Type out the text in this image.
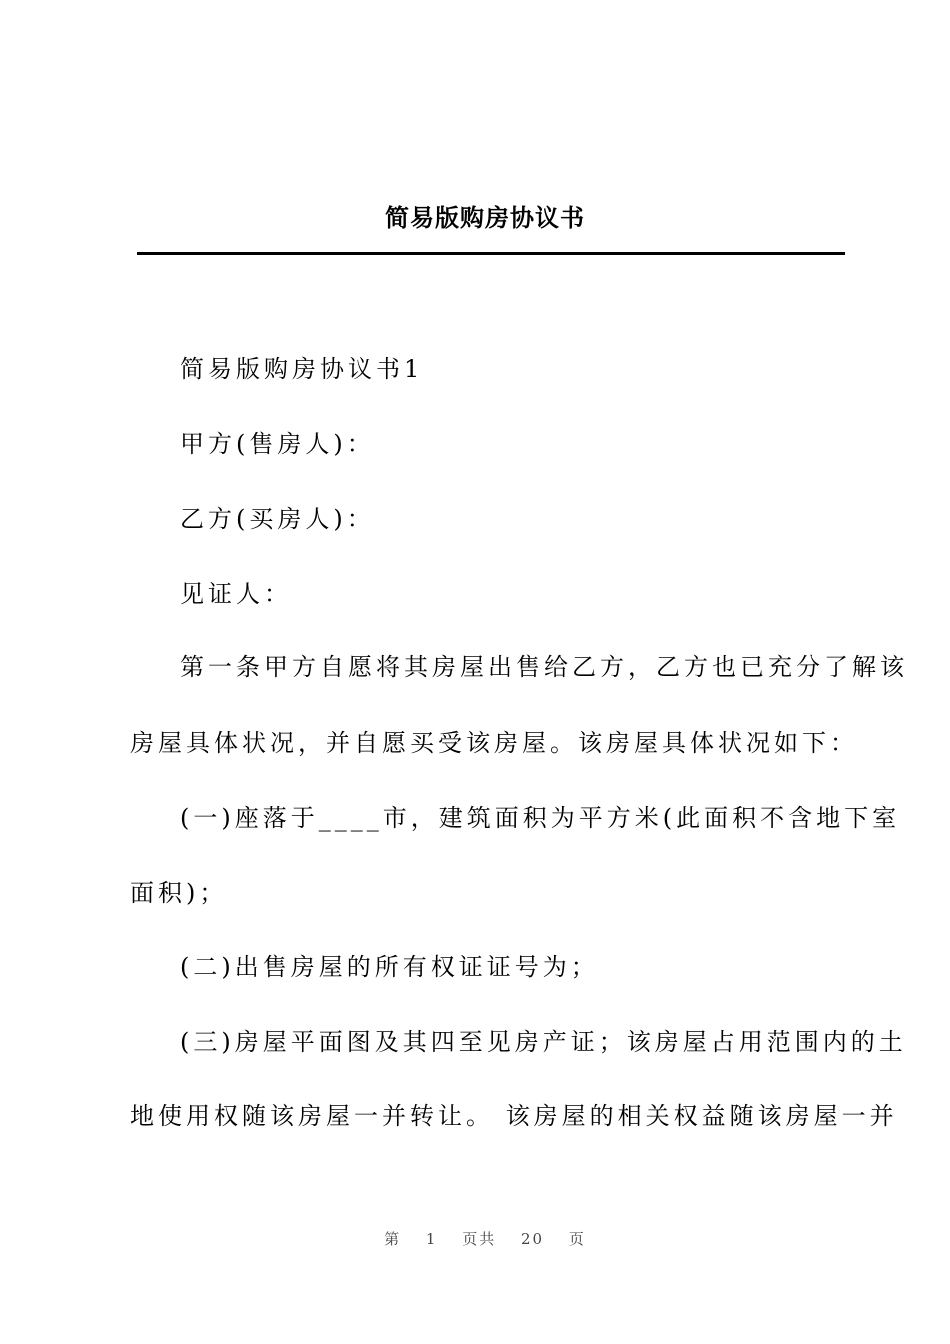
简易版购房协议书
简易版购房协议书1
甲方(售房人)：
乙方(买房人)：
见证人：
第一条甲方自愿将其房屋出售给乙方，乙方也已充分了解该
房屋具体状况，并自愿买受该房屋。该房屋具体状况如下：
(一)座落于____市，建筑面积为平方米(此面积不含地下室
面积)；
(二)出售房屋的所有权证证号为；
(三)房屋平面图及其四至见房产证；该房屋占用范围内的土
地使用权随该房屋一并转让。 该房屋的相关权益随该房屋一并
第 1 页共 20 页
